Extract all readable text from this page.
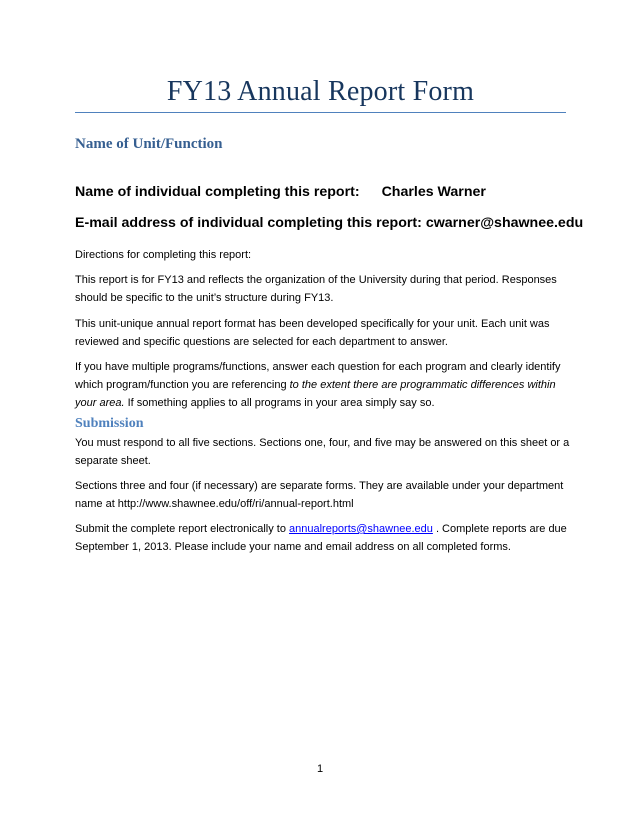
FY13 Annual Report Form
Name of Unit/Function
Name of individual completing this report: Charles Warner
E-mail address of individual completing this report: cwarner@shawnee.edu
Directions for completing this report:
This report is for FY13 and reflects the organization of the University during that period. Responses should be specific to the unit’s structure during FY13.
This unit-unique annual report format has been developed specifically for your unit. Each unit was reviewed and specific questions are selected for each department to answer.
If you have multiple programs/functions, answer each question for each program and clearly identify which program/function you are referencing to the extent there are programmatic differences within your area. If something applies to all programs in your area simply say so.
Submission
You must respond to all five sections. Sections one, four, and five may be answered on this sheet or a separate sheet.
Sections three and four (if necessary) are separate forms. They are available under your department name at http://www.shawnee.edu/off/ri/annual-report.html
Submit the complete report electronically to annualreports@shawnee.edu . Complete reports are due September 1, 2013. Please include your name and email address on all completed forms.
1
